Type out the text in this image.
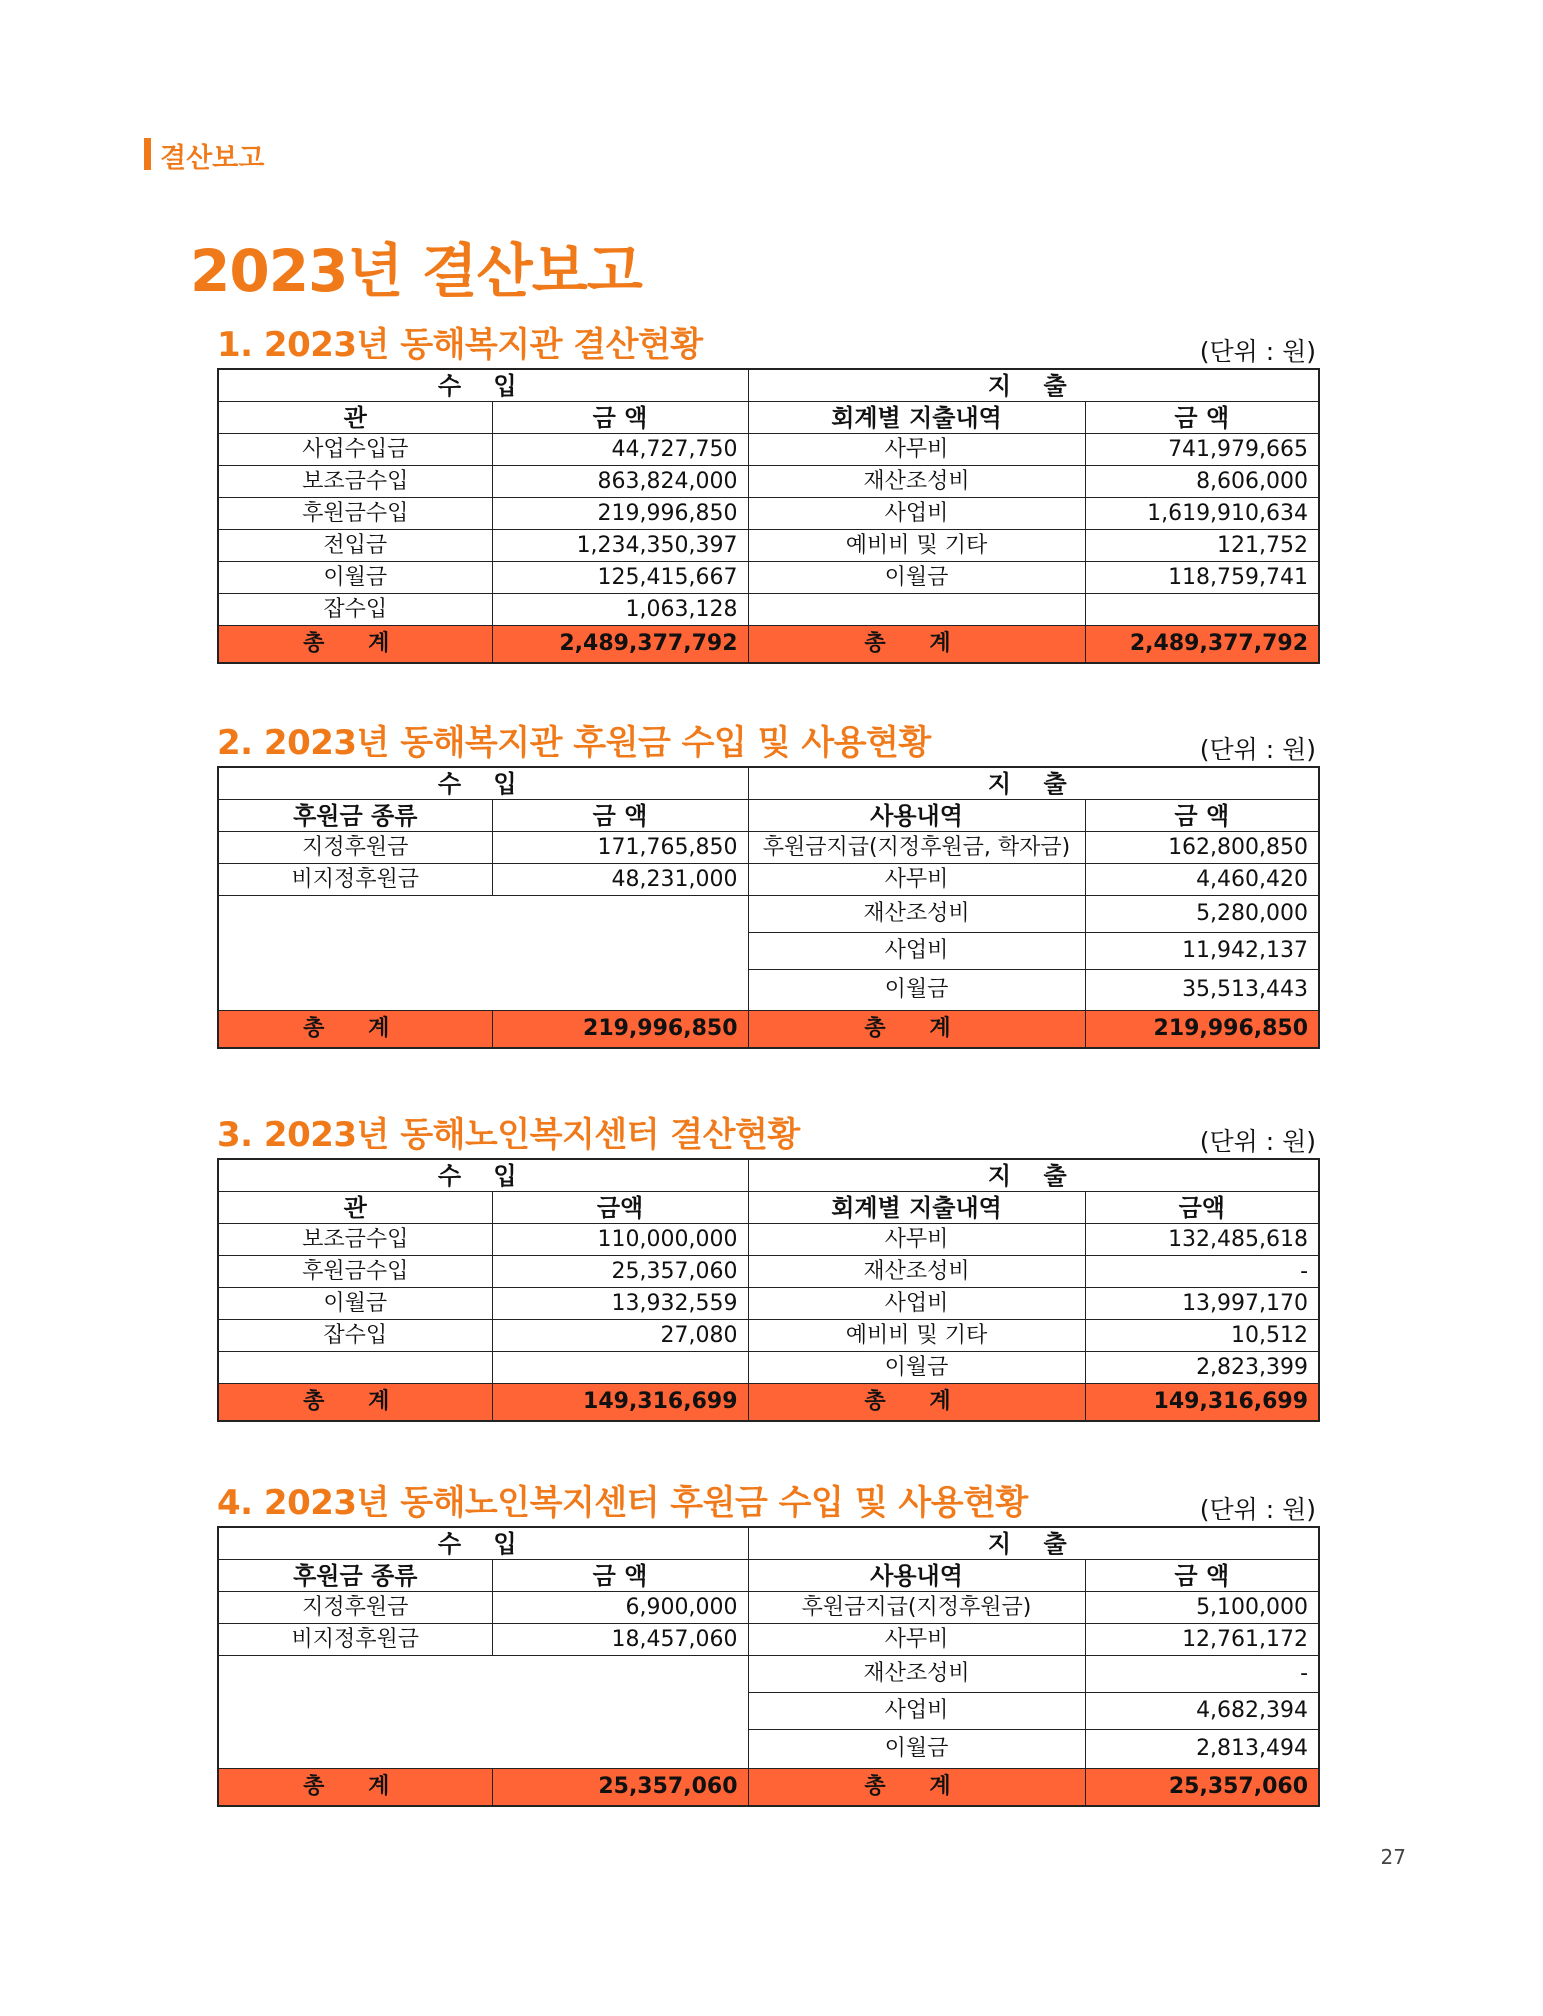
결산보고
2023년 결산보고
1. 2023년 동해복지관 결산현황	(단위 : 원)
수 입		지 출	
관	금 액	회계별 지출내역	금 액
사업수입금	44,727,750	사무비	741,979,665
보조금수입	863,824,000	재산조성비	8,606,000
후원금수입	219,996,850	사업비	1,619,910,634
전입금	1,234,350,397	예비비 및 기타	121,752
이월금	125,415,667	이월금	118,759,741
잡수입	1,063,128		
총 계	2,489,377,792	총 계	2,489,377,792
2. 2023년 동해복지관 후원금 수입 및 사용현황	(단위 : 원)
수 입		지 출	
후원금 종류	금 액	사용내역	금 액
지정후원금	171,765,850	후원금지급(지정후원금, 학자금)	162,800,850
비지정후원금	48,231,000	사무비	4,460,420
		재산조성비	5,280,000
		사업비	11,942,137
		이월금	35,513,443
총 계	219,996,850	총 계	219,996,850
3. 2023년 동해노인복지센터 결산현황	(단위 : 원)
수 입		지 출	
관	금액	회계별 지출내역	금액
보조금수입	110,000,000	사무비	132,485,618
후원금수입	25,357,060	재산조성비	-
이월금	13,932,559	사업비	13,997,170
잡수입	27,080	예비비 및 기타	10,512
		이월금	2,823,399
총 계	149,316,699	총 계	149,316,699
4. 2023년 동해노인복지센터 후원금 수입 및 사용현황	(단위 : 원)
수 입		지 출	
후원금 종류	금 액	사용내역	금 액
지정후원금	6,900,000	후원금지급(지정후원금)	5,100,000
비지정후원금	18,457,060	사무비	12,761,172
		재산조성비	-
		사업비	4,682,394
		이월금	2,813,494
총 계	25,357,060	총 계	25,357,060
27
